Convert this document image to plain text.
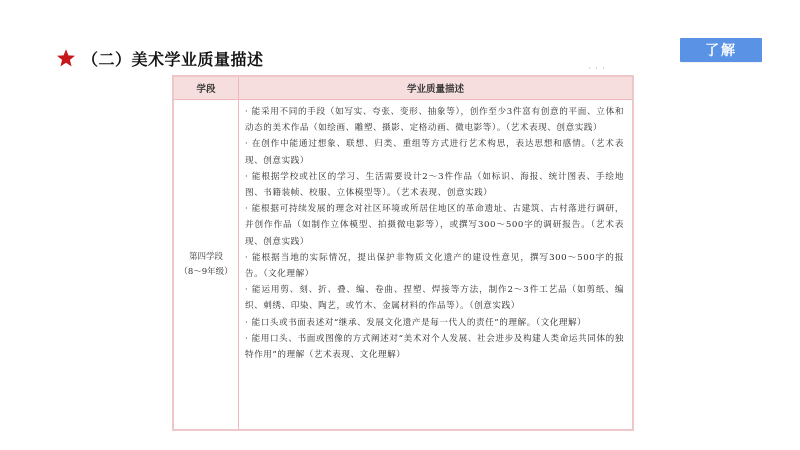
（二）美术学业质量描述	了解
· · ·
学段	学业质量描述
第四学段
（8～9年级）
· 能采用不同的手段（如写实、夸张、变形、抽象等），创作至少3件富有创意的平面、立体和动态的美术作品（如绘画、雕塑、摄影、定格动画、微电影等）。（艺术表现、创意实践）
· 在创作中能通过想象、联想、归类、重组等方式进行艺术构思，表达思想和感情。（艺术表现、创意实践）
· 能根据学校或社区的学习、生活需要设计2～3件作品（如标识、海报、统计图表、手绘地图、书籍装帧、校服、立体模型等）。（艺术表现、创意实践）
· 能根据可持续发展的理念对社区环境或所居住地区的革命遗址、古建筑、古村落进行调研，并创作作品（如制作立体模型、拍摄微电影等），或撰写300～500字的调研报告。（艺术表现、创意实践）
· 能根据当地的实际情况，提出保护非物质文化遗产的建设性意见，撰写300～500字的报告。（文化理解）
· 能运用剪、刻、折、叠、编、卷曲、捏塑、焊接等方法，制作2～3件工艺品（如剪纸、编织、刺绣、印染、陶艺，或竹木、金属材料的作品等）。（创意实践）
· 能口头或书面表述对“继承、发展文化遗产是每一代人的责任”的理解。（文化理解）
· 能用口头、书面或图像的方式阐述对“美术对个人发展、社会进步及构建人类命运共同体的独特作用”的理解（艺术表现、文化理解）
